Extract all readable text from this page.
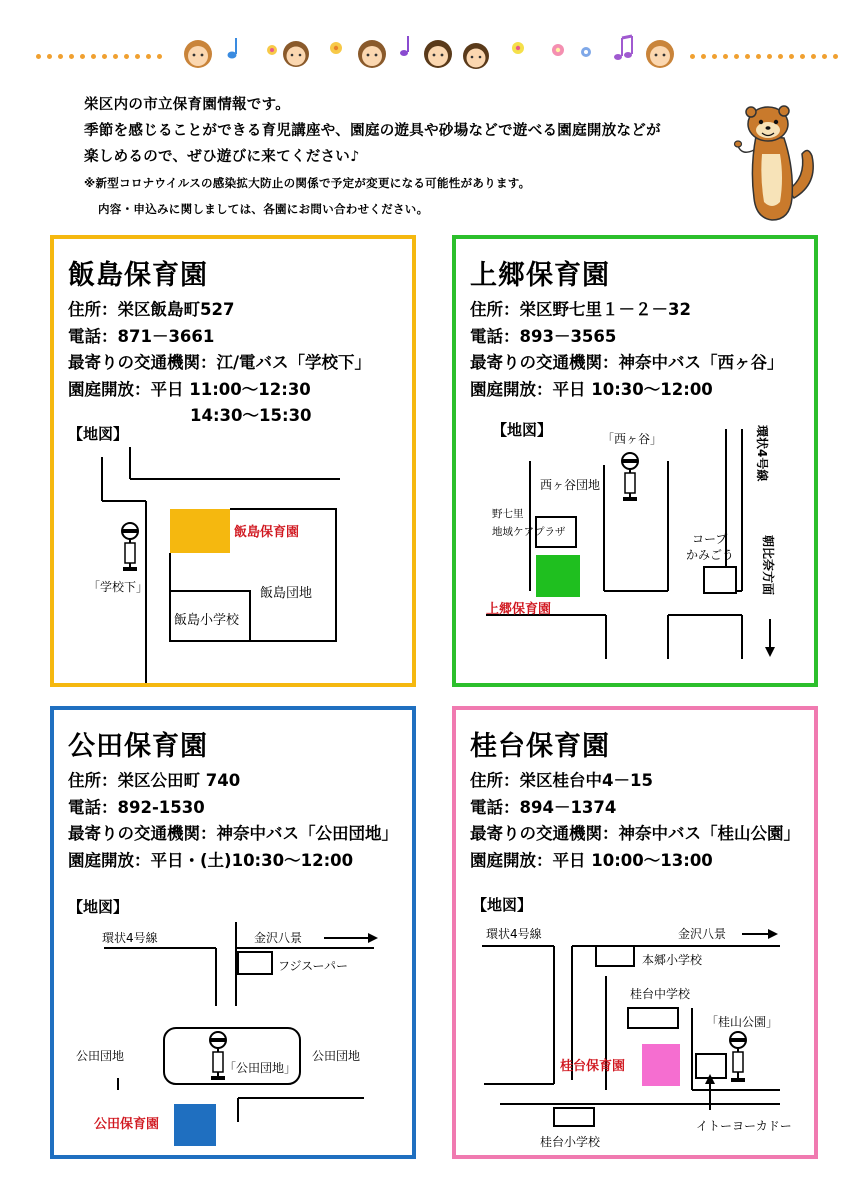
栄区内の市立保育園情報です。
季節を感じることができる育児講座や、園庭の遊具や砂場などで遊べる園庭開放などが
楽しめるので、ぜひ遊びに来てください♪
※新型コロナウイルスの感染拡大防止の関係で予定が変更になる可能性があります。
内容・申込みに関しましては、各園にお問い合わせください。
飯島保育園
住所：栄区飯島町527
電話：871－3661
最寄りの交通機関：江/電バス「学校下」
園庭開放：平日 11:00～12:30
14:30～15:30
【地図】
飯島保育園
飯島団地
飯島小学校
「学校下」
上郷保育園
住所：栄区野七里１－２－32
電話：893－3565
最寄りの交通機関：神奈中バス「西ヶ谷」
園庭開放：平日 10:30～12:00
【地図】	「西ヶ谷」
西ヶ谷団地
野七里
地域ケアプラザ	コープ
かみごう
上郷保育園
環状4号線
朝比奈方面
公田保育園
住所：栄区公田町 740
電話：892-1530
最寄りの交通機関：神奈中バス「公田団地」
園庭開放：平日・(土)10:30～12:00
【地図】
環状4号線	金沢八景
フジスーパー
公田団地	公田団地
「公田団地」
公田保育園
桂台保育園
住所：栄区桂台中4－15
電話：894－1374
最寄りの交通機関：神奈中バス「桂山公園」
園庭開放：平日 10:00～13:00
【地図】
環状4号線	金沢八景
本郷小学校
桂台中学校
「桂山公園」
桂台保育園
イトーヨーカドー
桂台小学校
